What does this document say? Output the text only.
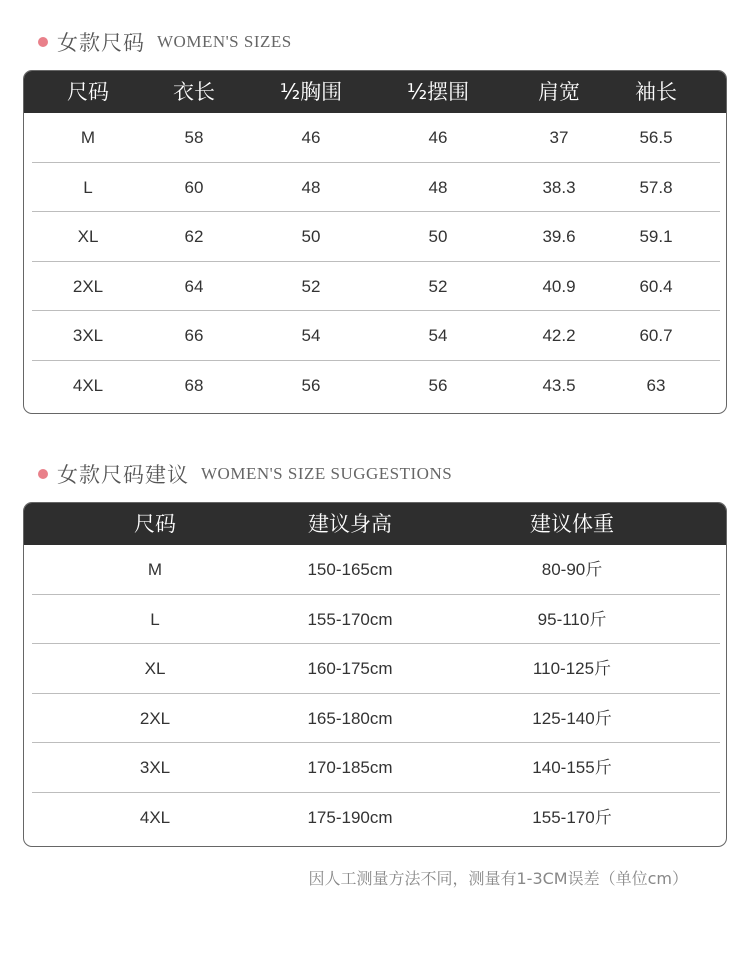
女款尺码 WOMEN'S SIZES
尺码	衣长	½胸围	½摆围	肩宽	袖长
M	58	46	46	37	56.5
L	60	48	48	38.3	57.8
XL	62	50	50	39.6	59.1
2XL	64	52	52	40.9	60.4
3XL	66	54	54	42.2	60.7
4XL	68	56	56	43.5	63
女款尺码建议 WOMEN'S SIZE SUGGESTIONS
尺码	建议身高	建议体重
M	150-165cm	80-90斤
L	155-170cm	95-110斤
XL	160-175cm	110-125斤
2XL	165-180cm	125-140斤
3XL	170-185cm	140-155斤
4XL	175-190cm	155-170斤
因人工测量方法不同，测量有1-3CM误差（单位cm）
